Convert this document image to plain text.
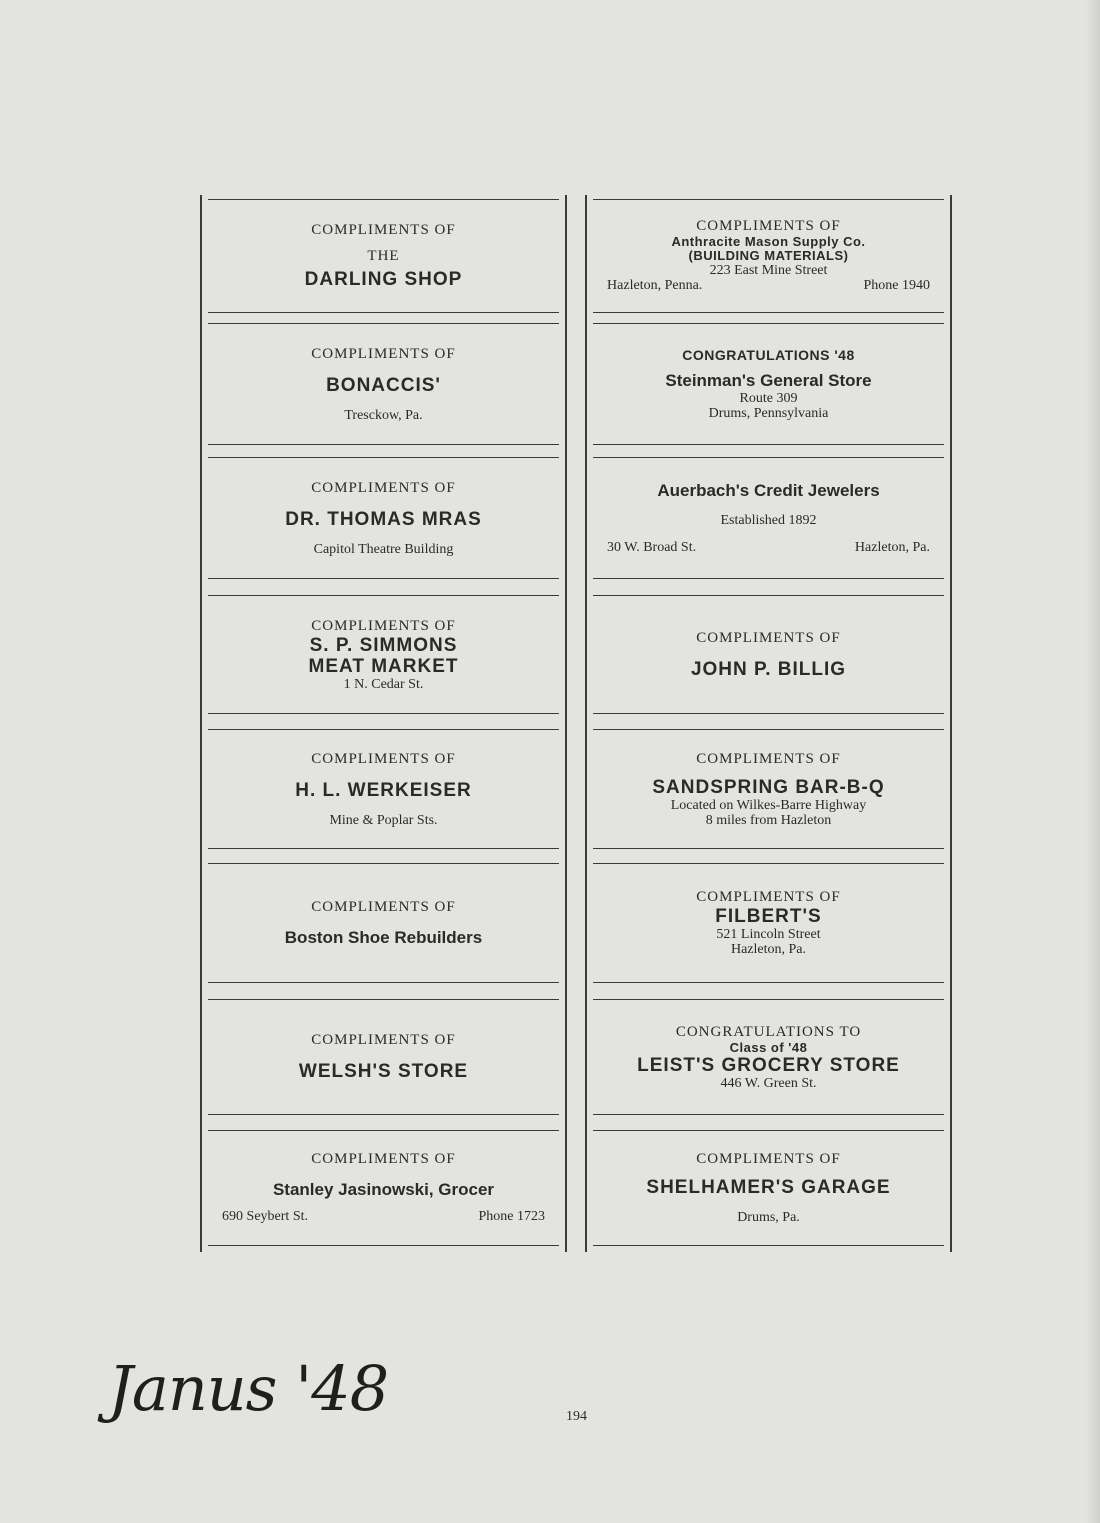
COMPLIMENTS OF
THE
DARLING SHOP
COMPLIMENTS OF
BONACCIS'
Tresckow, Pa.
COMPLIMENTS OF
DR. THOMAS MRAS
Capitol Theatre Building
COMPLIMENTS OF
S. P. SIMMONS
MEAT MARKET
1 N. Cedar St.
COMPLIMENTS OF
H. L. WERKEISER
Mine & Poplar Sts.
COMPLIMENTS OF
Boston Shoe Rebuilders
COMPLIMENTS OF
WELSH'S STORE
COMPLIMENTS OF
Stanley Jasinowski, Grocer
690 Seybert St.	Phone 1723
COMPLIMENTS OF
Anthracite Mason Supply Co.
(BUILDING MATERIALS)
223 East Mine Street
Hazleton, Penna.	Phone 1940
CONGRATULATIONS '48
Steinman's General Store
Route 309
Drums, Pennsylvania
Auerbach's Credit Jewelers
Established 1892
30 W. Broad St.	Hazleton, Pa.
COMPLIMENTS OF
JOHN P. BILLIG
COMPLIMENTS OF
SANDSPRING BAR-B-Q
Located on Wilkes-Barre Highway
8 miles from Hazleton
COMPLIMENTS OF
FILBERT'S
521 Lincoln Street
Hazleton, Pa.
CONGRATULATIONS TO
Class of '48
LEIST'S GROCERY STORE
446 W. Green St.
COMPLIMENTS OF
SHELHAMER'S GARAGE
Drums, Pa.
Janus '48	194
